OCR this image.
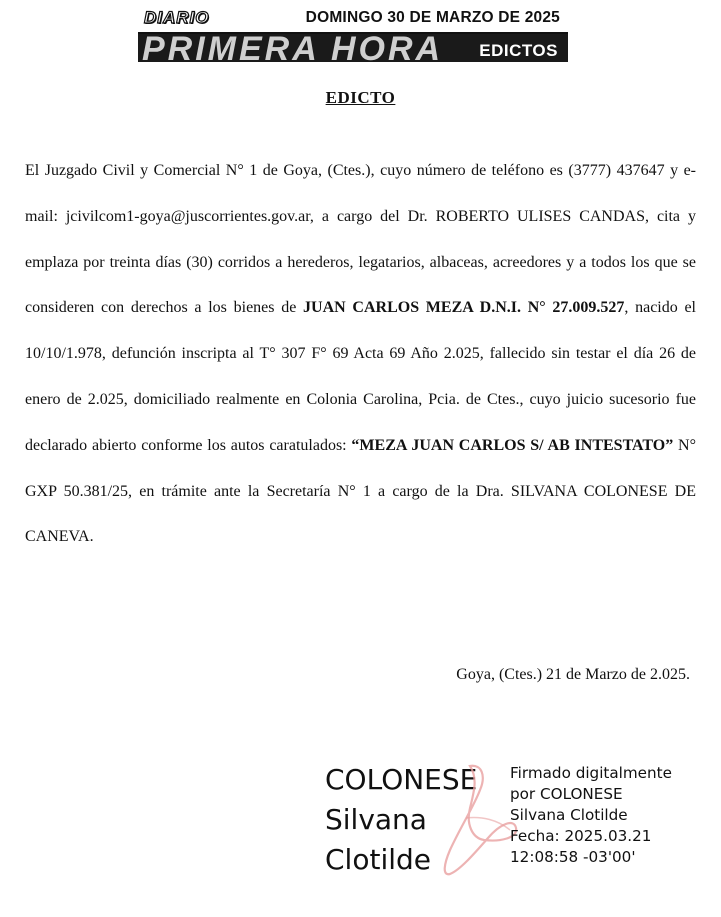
DIARIO	DOMINGO 30 DE MARZO DE 2025
PRIMERA HORA EDICTOS
EDICTO
El Juzgado Civil y Comercial N° 1 de Goya, (Ctes.), cuyo número de teléfono es (3777) 437647 y e-mail: jcivilcom1-goya@juscorrientes.gov.ar, a cargo del Dr. ROBERTO ULISES CANDAS, cita y emplaza por treinta días (30) corridos a herederos, legatarios, albaceas, acreedores y a todos los que se consideren con derechos a los bienes de JUAN CARLOS MEZA D.N.I. N° 27.009.527, nacido el 10/10/1.978, defunción inscripta al T° 307 F° 69 Acta 69 Año 2.025, fallecido sin testar el día 26 de enero de 2.025, domiciliado realmente en Colonia Carolina, Pcia. de Ctes., cuyo juicio sucesorio fue declarado abierto conforme los autos caratulados: “MEZA JUAN CARLOS S/ AB INTESTATO” N° GXP 50.381/25, en trámite ante la Secretaría N° 1 a cargo de la Dra. SILVANA COLONESE DE CANEVA.
Goya, (Ctes.) 21 de Marzo de 2.025.
COLONESE
Silvana
Clotilde
Firmado digitalmente
por COLONESE
Silvana Clotilde
Fecha: 2025.03.21
12:08:58 -03'00'
